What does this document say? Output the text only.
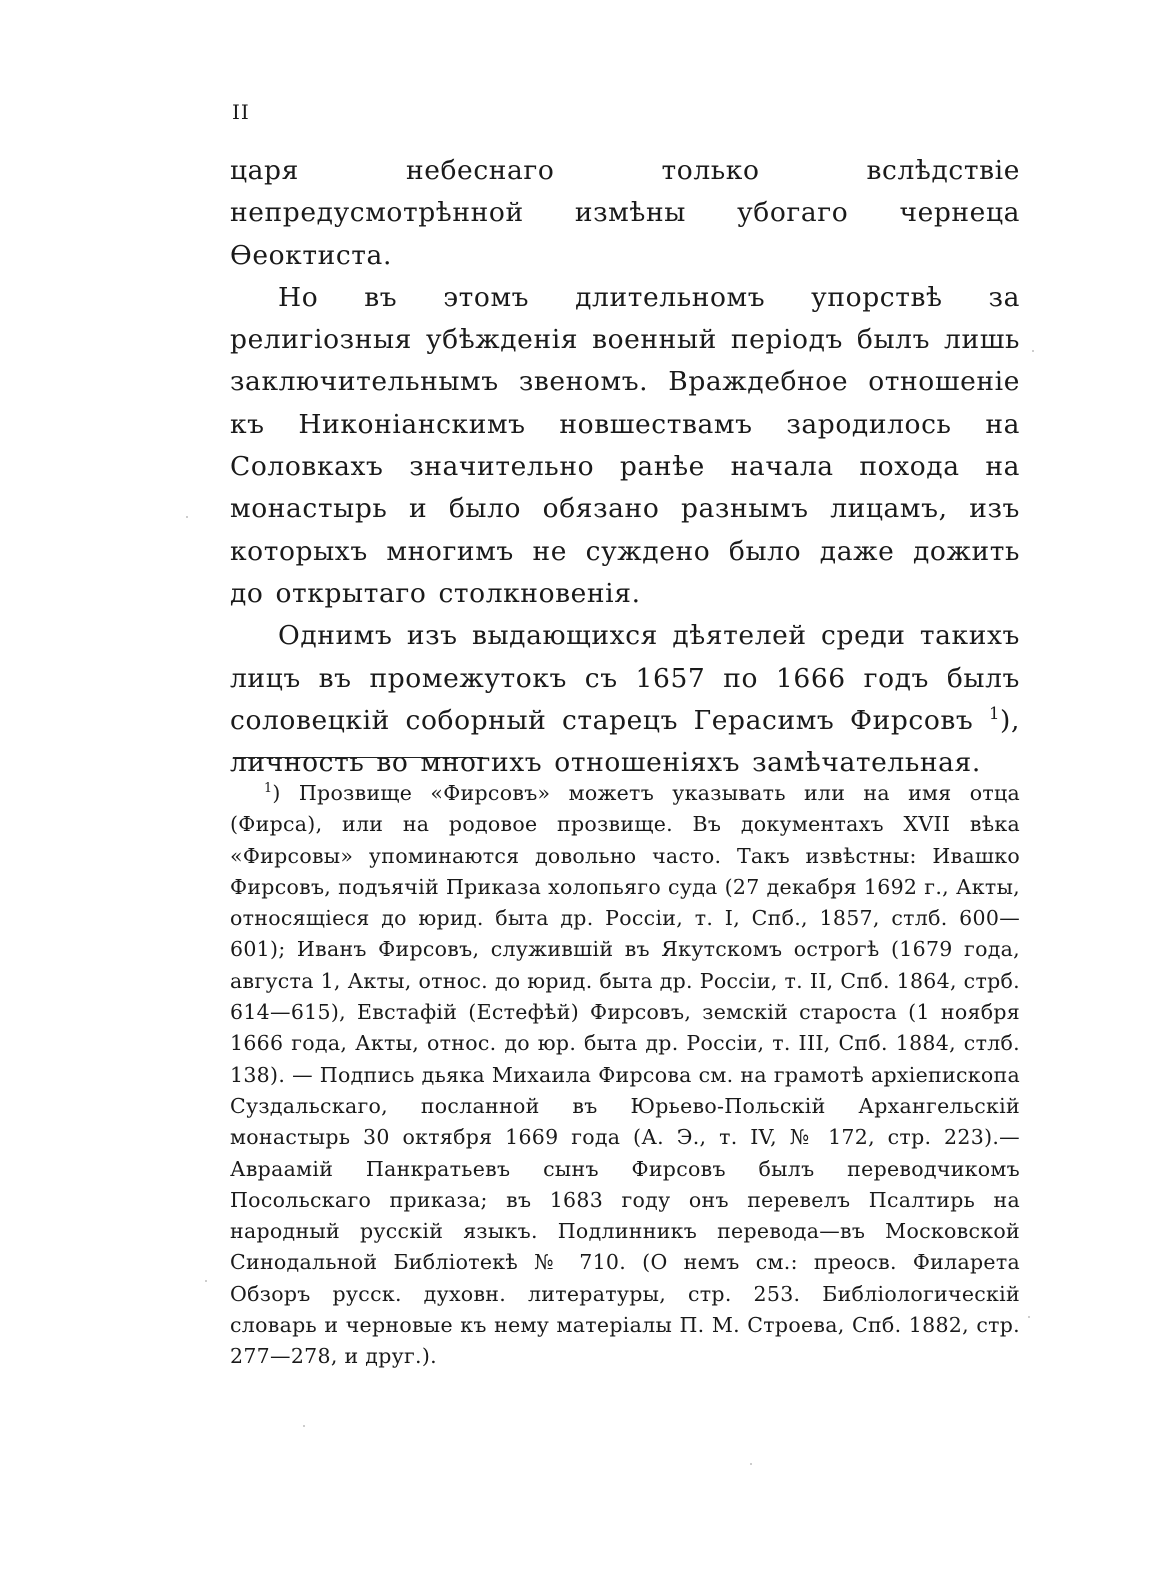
II

царя небеснаго только вслѣдствіе непредусмотрѣнной измѣны убогаго чернеца Ѳеоктиста.

Но въ этомъ длительномъ упорствѣ за религіозныя убѣжденія военный періодъ былъ лишь заключительнымъ звеномъ. Враждебное отношеніе къ Никоніанскимъ новшествамъ зародилось на Соловкахъ значительно ранѣе начала похода на монастырь и было обязано разнымъ лицамъ, изъ которыхъ многимъ не суждено было даже дожить до открытаго столкновенія.

Однимъ изъ выдающихся дѣятелей среди такихъ лицъ въ промежутокъ съ 1657 по 1666 годъ былъ соловецкій соборный старецъ Герасимъ Фирсовъ $^1$), личность во многихъ отношеніяхъ замѣчательная.

$^1$) Прозвище «Фирсовъ» можетъ указывать или на имя отца (Фирса), или на родовое прозвище. Въ документахъ XVII вѣка «Фирсовы» упоминаются довольно часто. Такъ извѣстны: Ивашко Фирсовъ, подъячій Приказа холопьяго суда (27 декабря 1692 г., Акты, относящіеся до юрид. быта др. Россіи, т. I, Спб., 1857, стлб. 600—601); Иванъ Фирсовъ, служившій въ Якутскомъ острогѣ (1679 года, августа 1, Акты, относ. до юрид. быта др. Россіи, т. II, Спб. 1864, стрб. 614—615), Евстафій (Естефѣй) Фирсовъ, земскій староста (1 ноября 1666 года, Акты, относ. до юр. быта др. Россіи, т. III, Спб. 1884, стлб. 138). — Подпись дьяка Михаила Фирсова см. на грамотѣ архіепископа Суздальскаго, посланной въ Юрьево-Польскій Архангельскій монастырь 30 октября 1669 года (А. Э., т. IV, № 172, стр. 223).—Авраамій Панкратьевъ сынъ Фирсовъ былъ переводчикомъ Посольскаго приказа; въ 1683 году онъ перевелъ Псалтирь на народный русскій языкъ. Подлинникъ перевода—въ Московской Синодальной Библіотекѣ № 710. (О немъ см.: преосв. Филарета Обзоръ русск. духовн. литературы, стр. 253. Библіологическій словарь и черновые къ нему матеріалы П. М. Строева, Спб. 1882, стр. 277—278, и друг.).
